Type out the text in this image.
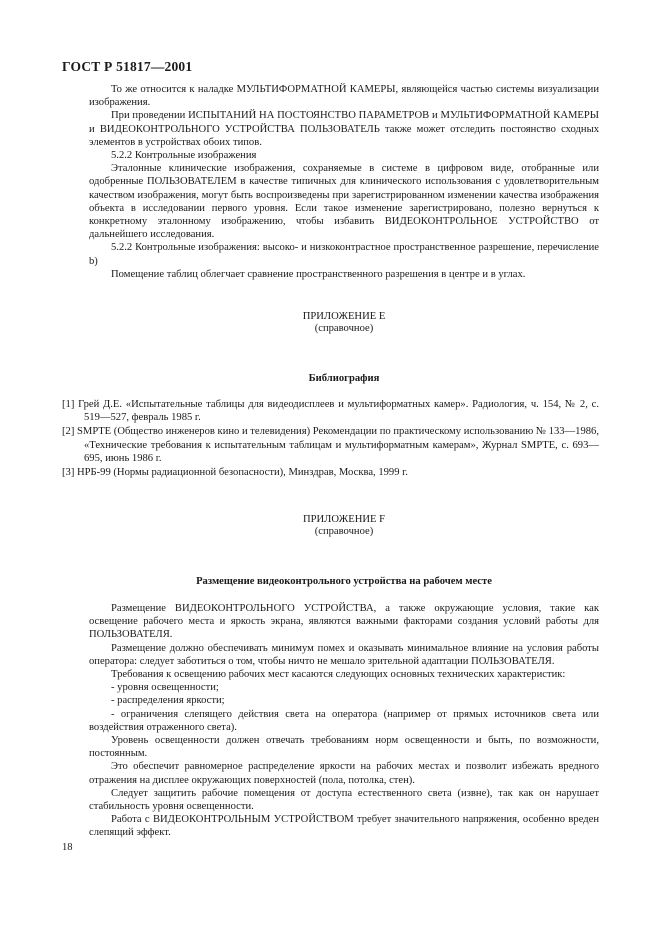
ГОСТ Р 51817—2001

То же относится к наладке МУЛЬТИФОРМАТНОЙ КАМЕРЫ, являющейся частью системы визуализации изображения.

При проведении ИСПЫТАНИЙ НА ПОСТОЯНСТВО ПАРАМЕТРОВ и МУЛЬТИФОРМАТНОЙ КАМЕРЫ и ВИДЕОКОНТРОЛЬНОГО УСТРОЙСТВА ПОЛЬЗОВАТЕЛЬ также может отследить постоянство сходных элементов в устройствах обоих типов.

5.2.2 Контрольные изображения

Эталонные клинические изображения, сохраняемые в системе в цифровом виде, отобранные или одобренные ПОЛЬЗОВАТЕЛЕМ в качестве типичных для клинического использования с удовлетворительным качеством изображения, могут быть воспроизведены при зарегистрированном изменении качества изображения объекта в исследовании первого уровня. Если такое изменение зарегистрировано, полезно вернуться к конкретному эталонному изображению, чтобы избавить ВИДЕОКОНТРОЛЬНОЕ УСТРОЙСТВО от дальнейшего исследования.

5.2.2 Контрольные изображения: высоко- и низкоконтрастное пространственное разрешение, перечисление b)

Помещение таблиц облегчает сравнение пространственного разрешения в центре и в углах.

ПРИЛОЖЕНИЕ E
(справочное)
Библиография

[1] Грей Д.Е. «Испытательные таблицы для видеодисплеев и мультиформатных камер». Радиология, ч. 154, № 2, с. 519—527, февраль 1985 г.

[2] SMPTE (Общество инженеров кино и телевидения) Рекомендации по практическому использованию № 133—1986, «Технические требования к испытательным таблицам и мультиформатным камерам», Журнал SMPTE, с. 693—695, июнь 1986 г.

[3] НРБ-99 (Нормы радиационной безопасности), Минздрав, Москва, 1999 г.

ПРИЛОЖЕНИЕ F
(справочное)
Размещение видеоконтрольного устройства на рабочем месте

Размещение ВИДЕОКОНТРОЛЬНОГО УСТРОЙСТВА, а также окружающие условия, такие как освещение рабочего места и яркость экрана, являются важными факторами создания условий работы для ПОЛЬЗОВАТЕЛЯ.

Размещение должно обеспечивать минимум помех и оказывать минимальное влияние на условия работы оператора: следует заботиться о том, чтобы ничто не мешало зрительной адаптации ПОЛЬЗОВАТЕЛЯ.

Требования к освещению рабочих мест касаются следующих основных технических характеристик:

- уровня освещенности;

- распределения яркости;

- ограничения слепящего действия света на оператора (например от прямых источников света или воздействия отраженного света).

Уровень освещенности должен отвечать требованиям норм освещенности и быть, по возможности, постоянным.

Это обеспечит равномерное распределение яркости на рабочих местах и позволит избежать вредного отражения на дисплее окружающих поверхностей (пола, потолка, стен).

Следует защитить рабочие помещения от доступа естественного света (извне), так как он нарушает стабильность уровня освещенности.

Работа с ВИДЕОКОНТРОЛЬНЫМ УСТРОЙСТВОМ требует значительного напряжения, особенно вреден слепящий эффект.

18
